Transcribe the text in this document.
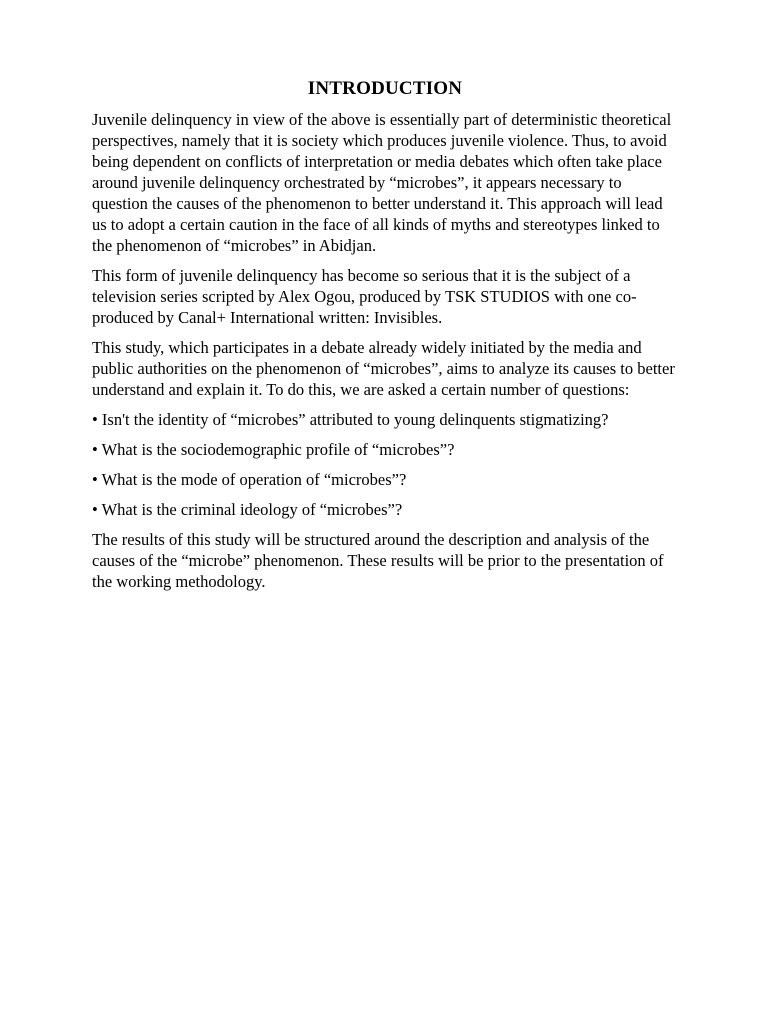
INTRODUCTION

Juvenile delinquency in view of the above is essentially part of deterministic theoretical perspectives, namely that it is society which produces juvenile violence. Thus, to avoid being dependent on conflicts of interpretation or media debates which often take place around juvenile delinquency orchestrated by “microbes”, it appears necessary to question the causes of the phenomenon to better understand it. This approach will lead us to adopt a certain caution in the face of all kinds of myths and stereotypes linked to the phenomenon of “microbes” in Abidjan.

This form of juvenile delinquency has become so serious that it is the subject of a television series scripted by Alex Ogou, produced by TSK STUDIOS with one co-produced by Canal+ International written: Invisibles.

This study, which participates in a debate already widely initiated by the media and public authorities on the phenomenon of “microbes”, aims to analyze its causes to better understand and explain it. To do this, we are asked a certain number of questions:

• Isn't the identity of “microbes” attributed to young delinquents stigmatizing?

• What is the sociodemographic profile of “microbes”?

• What is the mode of operation of “microbes”?

• What is the criminal ideology of “microbes”?

The results of this study will be structured around the description and analysis of the causes of the “microbe” phenomenon. These results will be prior to the presentation of the working methodology.
